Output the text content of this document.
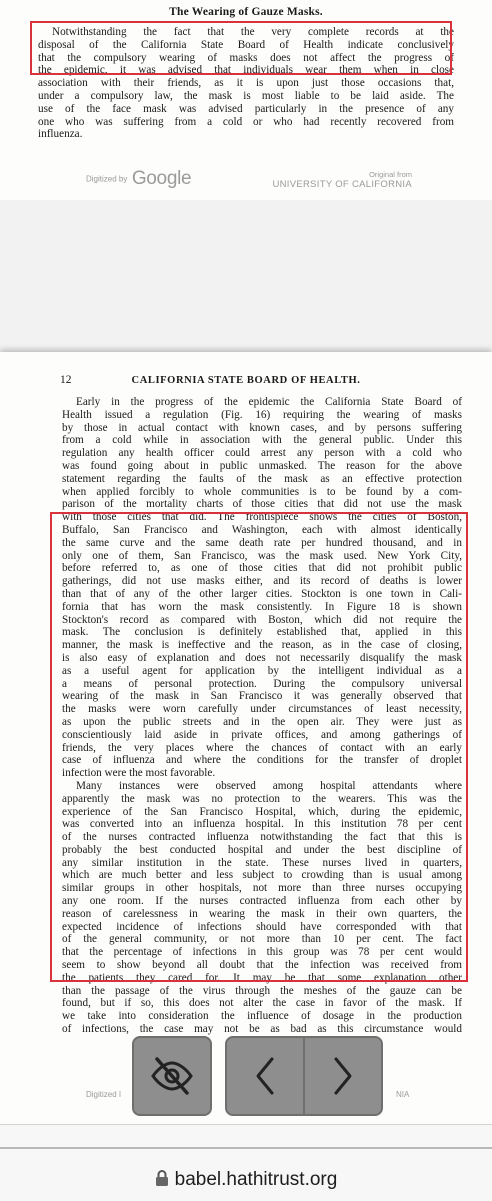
The Wearing of Gauze Masks.
Notwithstanding the fact that the very complete records at the
disposal of the California State Board of Health indicate conclusively
that the compulsory wearing of masks does not affect the progress of
the epidemic, it was advised that individuals wear them when in close
association with their friends, as it is upon just those occasions that,
under a compulsory law, the mask is most liable to be laid aside. The
use of the face mask was advised particularly in the presence of any
one who was suffering from a cold or who had recently recovered from
influenza.
Digitized by Google	Original from
UNIVERSITY OF CALIFORNIA
12	CALIFORNIA STATE BOARD OF HEALTH.
Early in the progress of the epidemic the California State Board of
Health issued a regulation (Fig. 16) requiring the wearing of masks
by those in actual contact with known cases, and by persons suffering
from a cold while in association with the general public. Under this
regulation any health officer could arrest any person with a cold who
was found going about in public unmasked. The reason for the above
statement regarding the faults of the mask as an effective protection
when applied forcibly to whole communities is to be found by a com-
parison of the mortality charts of those cities that did not use the mask
with those cities that did. The frontispiece shows the cities of Boston,
Buffalo, San Francisco and Washington, each with almost identically
the same curve and the same death rate per hundred thousand, and in
only one of them, San Francisco, was the mask used. New York City,
before referred to, as one of those cities that did not prohibit public
gatherings, did not use masks either, and its record of deaths is lower
than that of any of the other larger cities. Stockton is one town in Cali-
fornia that has worn the mask consistently. In Figure 18 is shown
Stockton's record as compared with Boston, which did not require the
mask. The conclusion is definitely established that, applied in this
manner, the mask is ineffective and the reason, as in the case of closing,
is also easy of explanation and does not necessarily disqualify the mask
as a useful agent for application by the intelligent individual as a
a means of personal protection. During the compulsory universal
wearing of the mask in San Francisco it was generally observed that
the masks were worn carefully under circumstances of least necessity,
as upon the public streets and in the open air. They were just as
conscientiously laid aside in private offices, and among gatherings of
friends, the very places where the chances of contact with an early
case of influenza and where the conditions for the transfer of droplet
infection were the most favorable.
Many instances were observed among hospital attendants where
apparently the mask was no protection to the wearers. This was the
experience of the San Francisco Hospital, which, during the epidemic,
was converted into an influenza hospital. In this institution 78 per cent
of the nurses contracted influenza notwithstanding the fact that this is
probably the best conducted hospital and under the best discipline of
any similar institution in the state. These nurses lived in quarters,
which are much better and less subject to crowding than is usual among
similar groups in other hospitals, not more than three nurses occupying
any one room. If the nurses contracted influenza from each other by
reason of carelessness in wearing the mask in their own quarters, the
expected incidence of infections should have corresponded with that
of the general community, or not more than 10 per cent. The fact
that the percentage of infections in this group was 78 per cent would
seem to show beyond all doubt that the infection was received from
the patients they cared for. It may be that some explanation other
than the passage of the virus through the meshes of the gauze can be
found, but if so, this does not alter the case in favor of the mask. If
we take into consideration the influence of dosage in the production
of infections, the case may not be as bad as this circumstance would
Digitized I	NIA
babel.hathitrust.org
